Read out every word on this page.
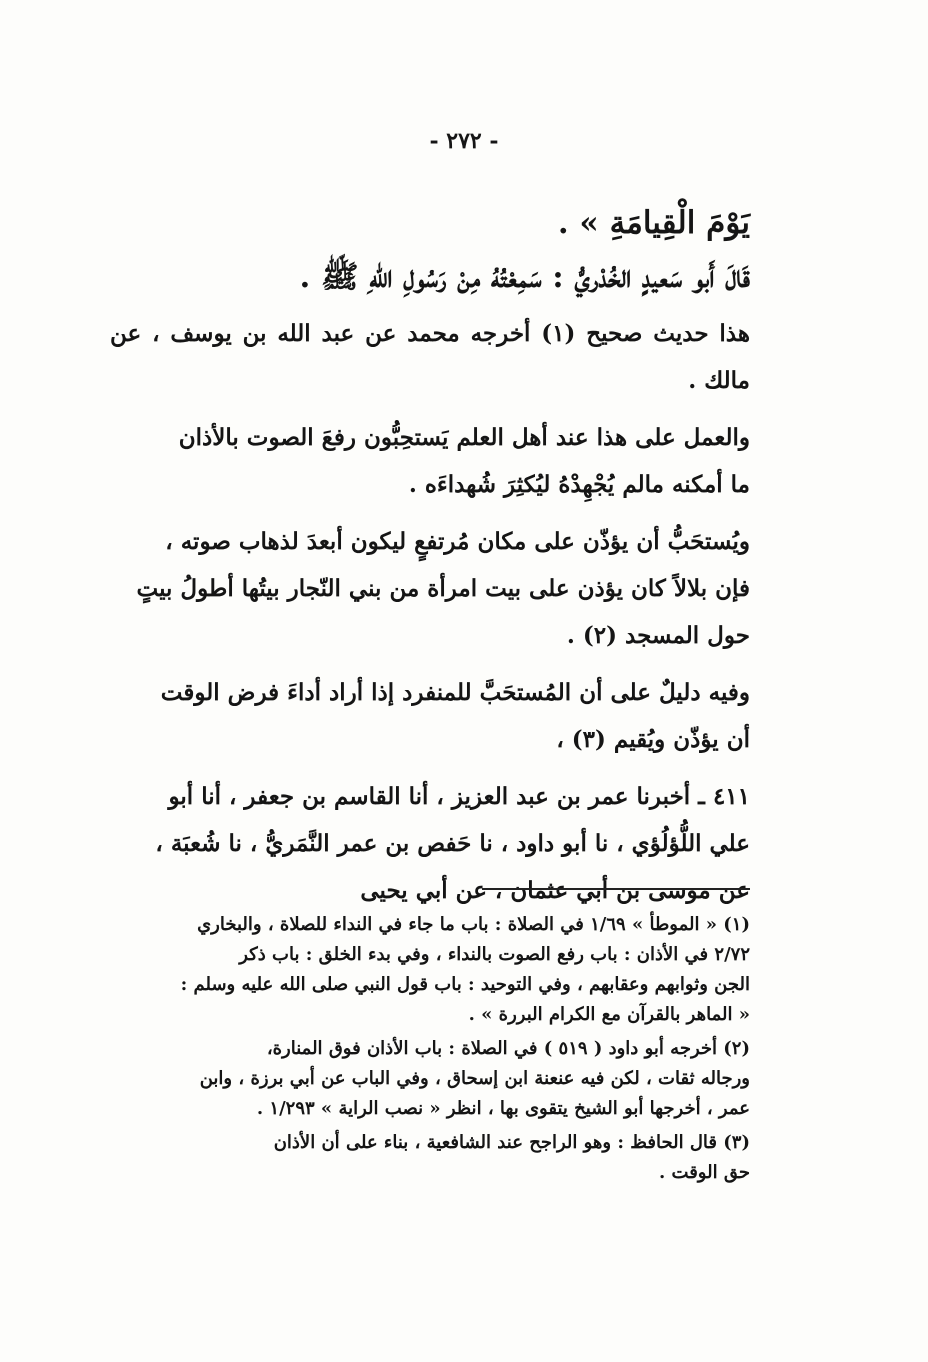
- ٢٧٢ -

يَوْمَ الْقِيامَةِ » .

قَالَ أَبو سَعيدٍ الخُدْريُّ : سَمِعْتُهُ مِنْ رَسُولِ اللهِ ﷺ .

هذا حديث صحيح (١) أخرجه محمد عن عبد الله بن يوسف ، عن مالك .

والعمل على هذا عند أهل العلم يَستحِبُّون رفعَ الصوت بالأذان
ما أمكنه مالم يُجْهِدْهُ ليُكثِرَ شُهداءَه .

ويُستحَبُّ أن يؤذّن على مكان مُرتفعٍ ليكون أبعدَ لذهاب صوته ،
فإن بلالاً كان يؤذن على بيت امرأة من بني النّجار بيتُها أطولُ بيتٍ
حول المسجد (٢) .

وفيه دليلٌ على أن المُستحَبَّ للمنفرد إذا أراد أداءَ فرض الوقت
أن يؤذّن ويُقيم (٣) ،

٤١١ ـ أخبرنا عمر بن عبد العزيز ، أنا القاسم بن جعفر ، أنا أبو
علي اللُّؤلُؤي ، نا أبو داود ، نا حَفص بن عمر النَّمَريُّ ، نا شُعبَة ،
عن موسى بن أبي عثمان ، عن أبي يحيى

(١) « الموطأ » ١/٦٩ في الصلاة : باب ما جاء في النداء للصلاة ، والبخاري
٢/٧٢ في الأذان : باب رفع الصوت بالنداء ، وفي بدء الخلق : باب ذكر
الجن وثوابهم وعقابهم ، وفي التوحيد : باب قول النبي صلى الله عليه وسلم :
« الماهر بالقرآن مع الكرام البررة » .

(٢) أخرجه أبو داود ( ٥١٩ ) في الصلاة : باب الأذان فوق المنارة،
ورجاله ثقات ، لكن فيه عنعنة ابن إسحاق ، وفي الباب عن أبي برزة ، وابن
عمر ، أخرجها أبو الشيخ يتقوى بها ، انظر « نصب الراية » ١/٢٩٣ .

(٣) قال الحافظ : وهو الراجح عند الشافعية ، بناء على أن الأذان
حق الوقت .
